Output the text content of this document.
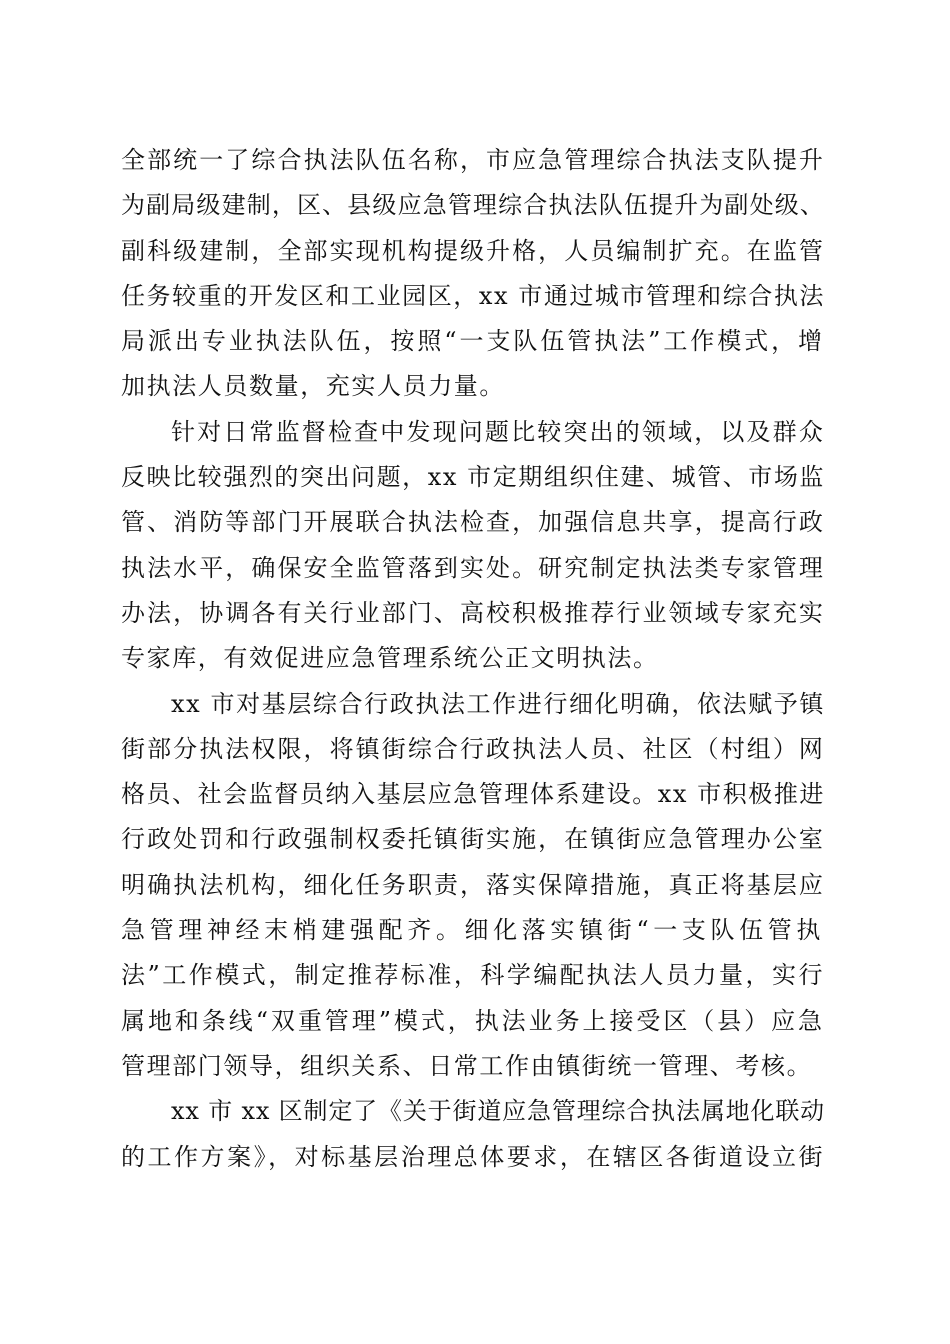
全部统一了综合执法队伍名称，市应急管理综合执法支队提升
为副局级建制，区、县级应急管理综合执法队伍提升为副处级、
副科级建制，全部实现机构提级升格，人员编制扩充。在监管
任务较重的开发区和工业园区，xx 市通过城市管理和综合执法
局派出专业执法队伍，按照“一支队伍管执法”工作模式，增
加执法人员数量，充实人员力量。
针对日常监督检查中发现问题比较突出的领域，以及群众
反映比较强烈的突出问题，xx 市定期组织住建、城管、市场监
管、消防等部门开展联合执法检查，加强信息共享，提高行政
执法水平，确保安全监管落到实处。研究制定执法类专家管理
办法，协调各有关行业部门、高校积极推荐行业领域专家充实
专家库，有效促进应急管理系统公正文明执法。
xx 市对基层综合行政执法工作进行细化明确，依法赋予镇
街部分执法权限，将镇街综合行政执法人员、社区（村组）网
格员、社会监督员纳入基层应急管理体系建设。xx 市积极推进
行政处罚和行政强制权委托镇街实施，在镇街应急管理办公室
明确执法机构，细化任务职责，落实保障措施，真正将基层应
急管理神经末梢建强配齐。细化落实镇街“一支队伍管执
法”工作模式，制定推荐标准，科学编配执法人员力量，实行
属地和条线“双重管理”模式，执法业务上接受区（县）应急
管理部门领导，组织关系、日常工作由镇街统一管理、考核。
xx 市 xx 区制定了《关于街道应急管理综合执法属地化联动
的工作方案》，对标基层治理总体要求，在辖区各街道设立街
